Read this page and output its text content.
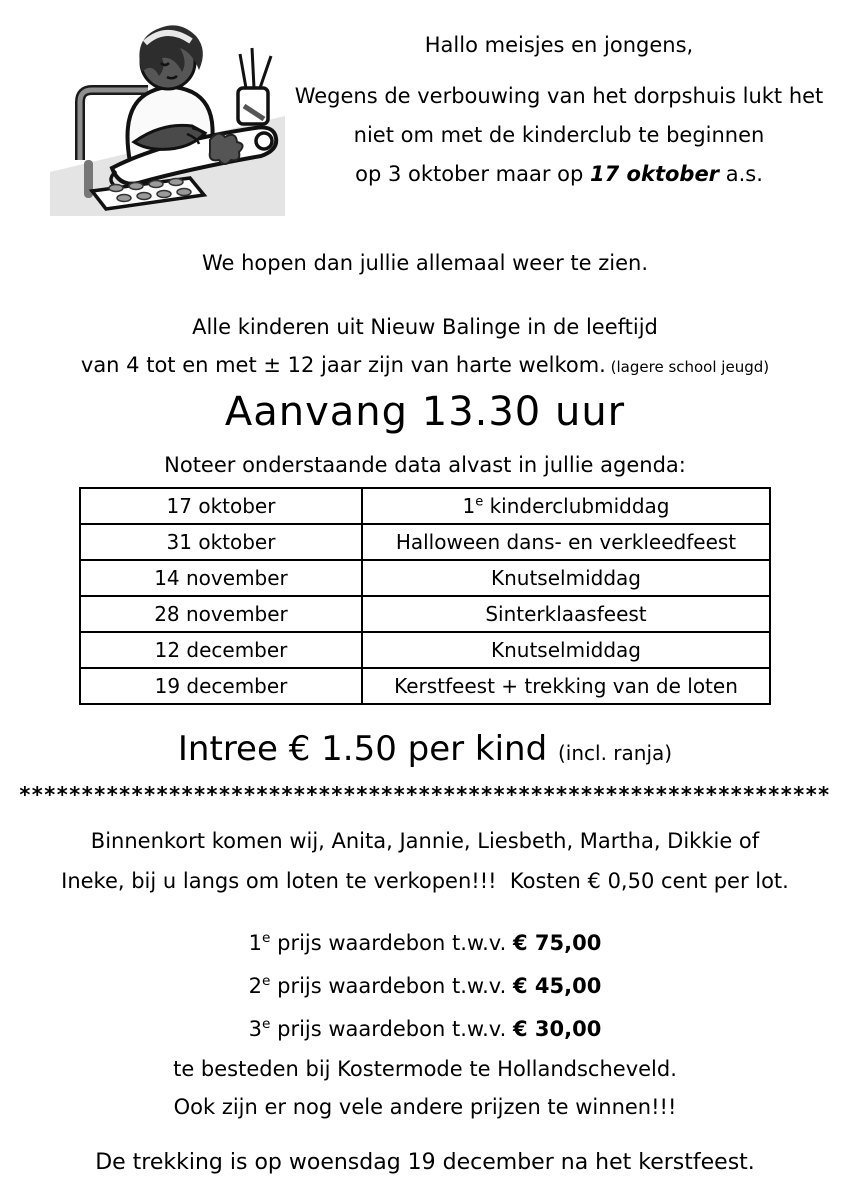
Hallo meisjes en jongens,
Wegens de verbouwing van het dorpshuis lukt het
niet om met de kinderclub te beginnen
op 3 oktober maar op 17 oktober a.s.
We hopen dan jullie allemaal weer te zien.
Alle kinderen uit Nieuw Balinge in de leeftijd
van 4 tot en met ± 12 jaar zijn van harte welkom. (lagere school jeugd)
Aanvang 13.30 uur
Noteer onderstaande data alvast in jullie agenda:
17 oktober	1e kinderclubmiddag
31 oktober	Halloween dans- en verkleedfeest
14 november	Knutselmiddag
28 november	Sinterklaasfeest
12 december	Knutselmiddag
19 december	Kerstfeest + trekking van de loten
Intree € 1.50 per kind (incl. ranja)
*****************************************************************
Binnenkort komen wij, Anita, Jannie, Liesbeth, Martha, Dikkie of
Ineke, bij u langs om loten te verkopen!!!  Kosten € 0,50 cent per lot.
1e prijs waardebon t.w.v. € 75,00
2e prijs waardebon t.w.v. € 45,00
3e prijs waardebon t.w.v. € 30,00
te besteden bij Kostermode te Hollandscheveld.
Ook zijn er nog vele andere prijzen te winnen!!!
De trekking is op woensdag 19 december na het kerstfeest.
